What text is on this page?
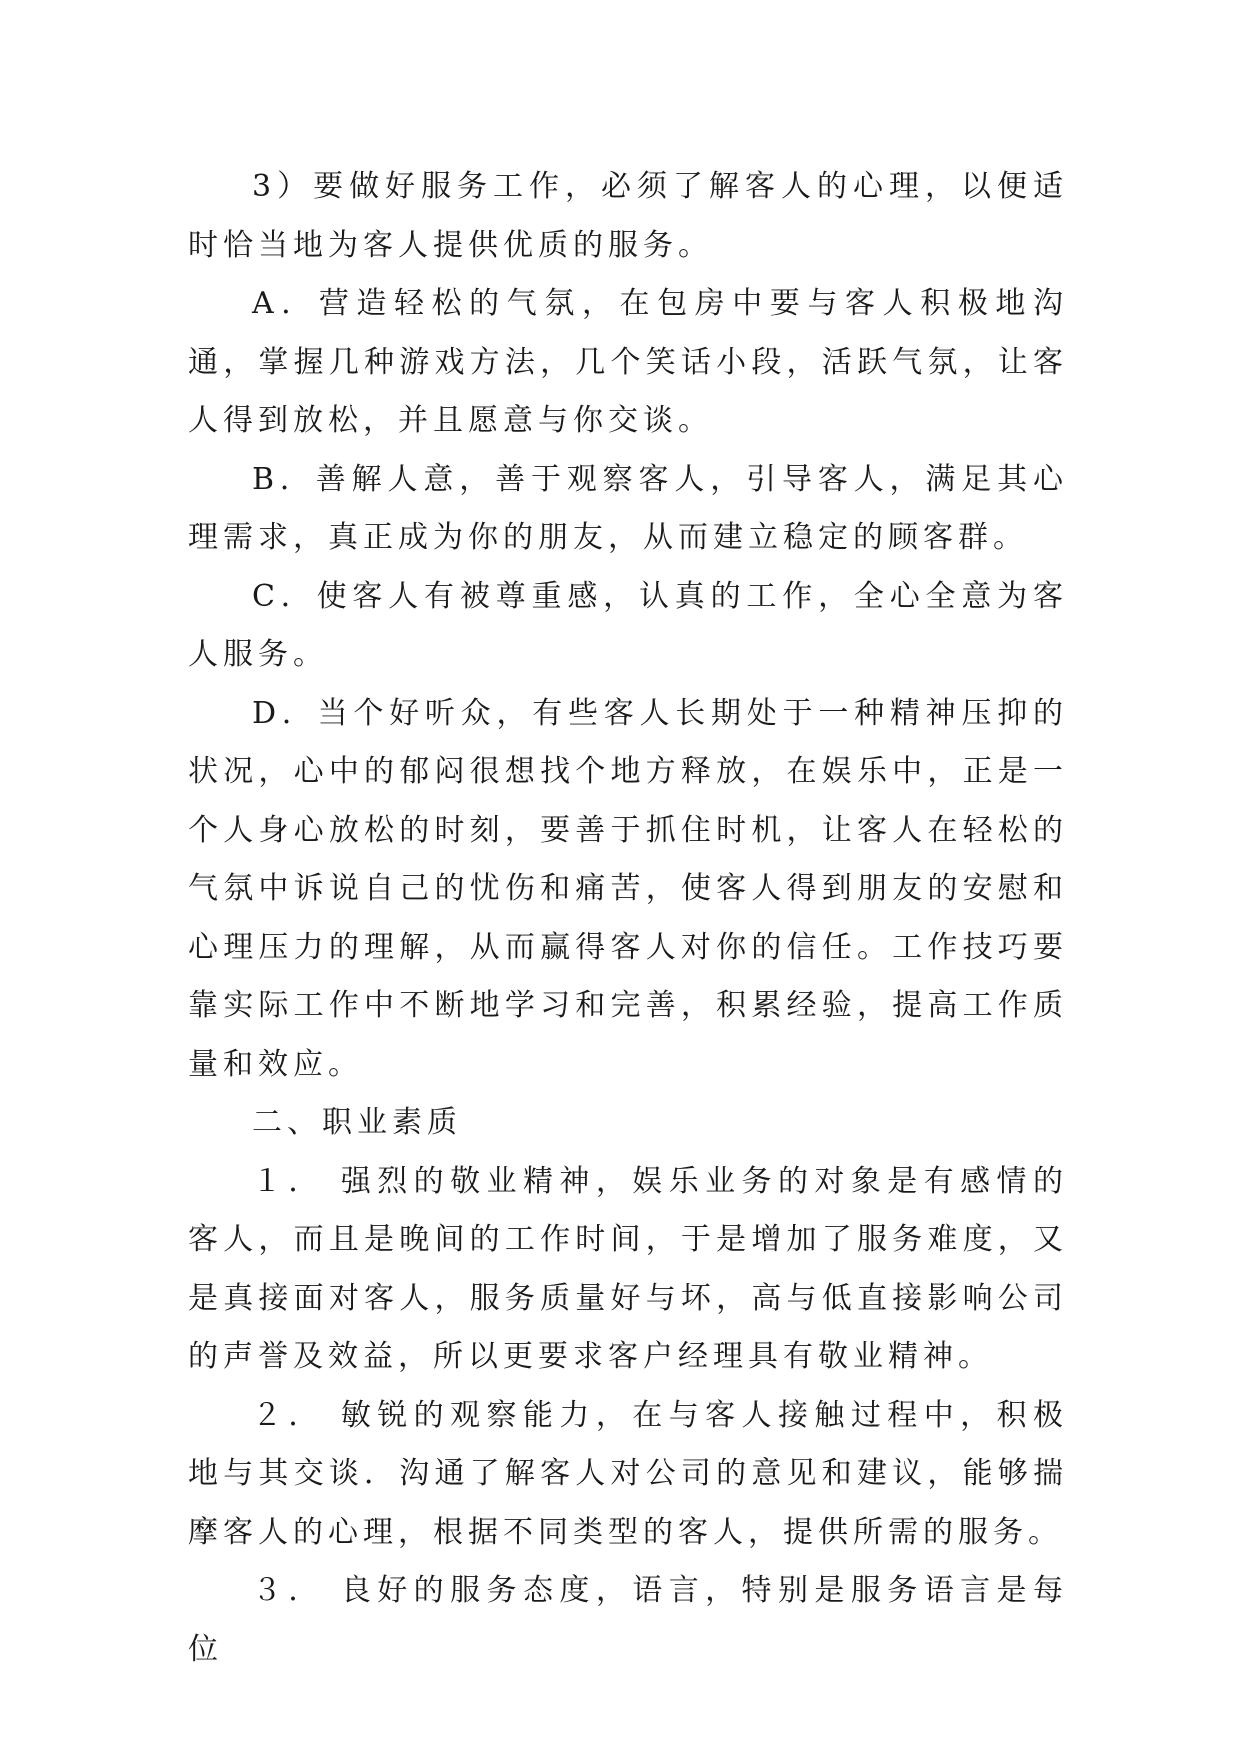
3）要做好服务工作，必须了解客人的心理，以便适时恰当地为客人提供优质的服务。

A．营造轻松的气氛，在包房中要与客人积极地沟通，掌握几种游戏方法，几个笑话小段，活跃气氛，让客人得到放松，并且愿意与你交谈。

B．善解人意，善于观察客人，引导客人，满足其心理需求，真正成为你的朋友，从而建立稳定的顾客群。

C．使客人有被尊重感，认真的工作，全心全意为客人服务。

D．当个好听众，有些客人长期处于一种精神压抑的状况，心中的郁闷很想找个地方释放，在娱乐中，正是一个人身心放松的时刻，要善于抓住时机，让客人在轻松的气氛中诉说自己的忧伤和痛苦，使客人得到朋友的安慰和心理压力的理解，从而赢得客人对你的信任。工作技巧要靠实际工作中不断地学习和完善，积累经验，提高工作质量和效应。

二、职业素质

１． 强烈的敬业精神，娱乐业务的对象是有感情的客人，而且是晚间的工作时间，于是增加了服务难度，又是真接面对客人，服务质量好与坏，高与低直接影响公司的声誉及效益，所以更要求客户经理具有敬业精神。

２． 敏锐的观察能力，在与客人接触过程中，积极地与其交谈．沟通了解客人对公司的意见和建议，能够揣摩客人的心理，根据不同类型的客人，提供所需的服务。

３． 良好的服务态度，语言，特别是服务语言是每位
